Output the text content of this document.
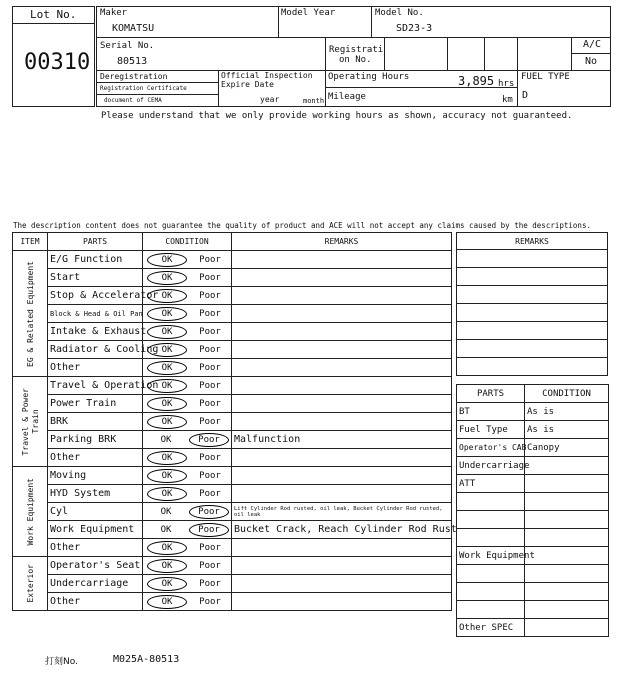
Lot No.
00310
Maker
KOMATSU
Model Year	Model No.
SD23-3
Serial No.
80513
Registrati
on No.
A/C
No
Deregistration
Registration Certificate
document of CEMA
Official Inspection
Expire Date
year	month
Operating Hours	3,895 hrs
Mileage	km
FUEL TYPE
D
Please understand that we only provide working hours as shown, accuracy not guaranteed.
The description content does not guarantee the quality of product and ACE will not accept any claims caused by the descriptions.
ITEM	PARTS	CONDITION	REMARKS

EG & Related Equipment	E/G Function	OK Poor	
	Start	OK Poor	
	Stop & Accelerator	OK Poor	
	Block & Head & Oil Pan	OK Poor	
	Intake & Exhaust	OK Poor	
	Radiator & Cooling	OK Poor	
	Other	OK Poor	

Travel & Power Train	Travel & Operation	OK Poor	
	Power Train	OK Poor	
	BRK	OK Poor	
	Parking BRK	OK Poor	Malfunction
	Other	OK Poor	

Work Equipment	Moving	OK Poor	
	HYD System	OK Poor	
	Cyl	OK Poor	Lift Cylinder Rod rusted, oil leak, Bucket Cylinder Rod rusted, oil leak
	Work Equipment	OK Poor	Bucket Crack, Reach Cylinder Rod Rust
	Other	OK Poor	

Exterior	Operator's Seat	OK Poor	
	Undercarriage	OK Poor	
	Other	OK Poor	
REMARKS

PARTS	CONDITION
BT	As is
Fuel Type	As is
Operator's CAB	Canopy
Undercarriage	
ATT	

Work Equipment	

Other SPEC	
打刻No.	M025A-80513
